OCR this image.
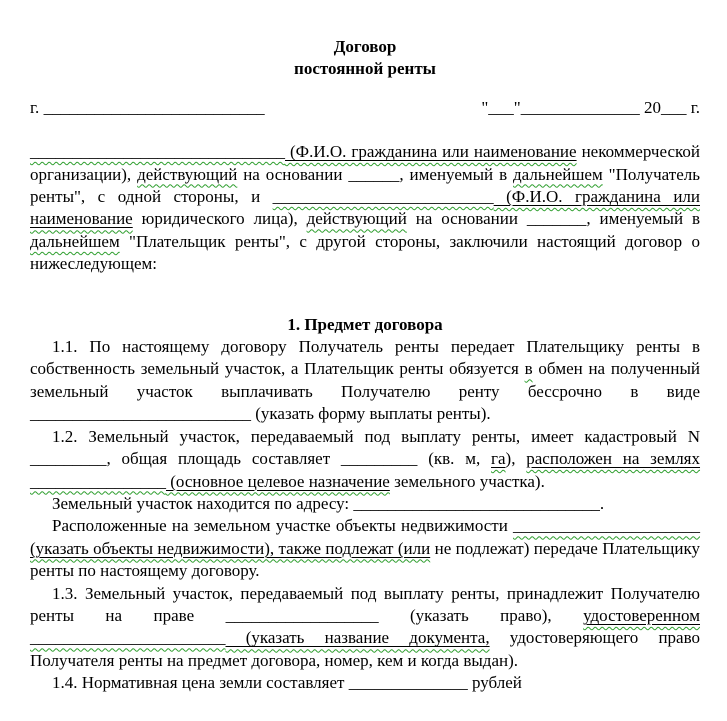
Договор
постоянной ренты
г. __________________________	"___"______________ 20___ г.
______________________________ (Ф.И.О. гражданина или наименование некоммерческой организации), действующий на основании ______, именуемый в дальнейшем "Получатель ренты", с одной стороны, и __________________________ (Ф.И.О. гражданина или наименование юридического лица), действующий на основании _______, именуемый в дальнейшем "Плательщик ренты", с другой стороны, заключили настоящий договор о нижеследующем:
1. Предмет договора
1.1. По настоящему договору Получатель ренты передает Плательщику ренты в собственность земельный участок, а Плательщик ренты обязуется в обмен на полученный земельный участок выплачивать Получателю ренту бессрочно в виде __________________________ (указать форму выплаты ренты).
1.2. Земельный участок, передаваемый под выплату ренты, имеет кадастровый N _________, общая площадь составляет _________ (кв. м, га), расположен на землях ________________ (основное целевое назначение земельного участка).
Земельный участок находится по адресу: _____________________________.
Расположенные на земельном участке объекты недвижимости ______________________ (указать объекты недвижимости), также подлежат (или не подлежат) передаче Плательщику ренты по настоящему договору.
1.3. Земельный участок, передаваемый под выплату ренты, принадлежит Получателю ренты на праве __________________ (указать право), удостоверенном _______________________ (указать название документа, удостоверяющего право Получателя ренты на предмет договора, номер, кем и когда выдан).
1.4. Нормативная цена земли составляет ______________ рублей
